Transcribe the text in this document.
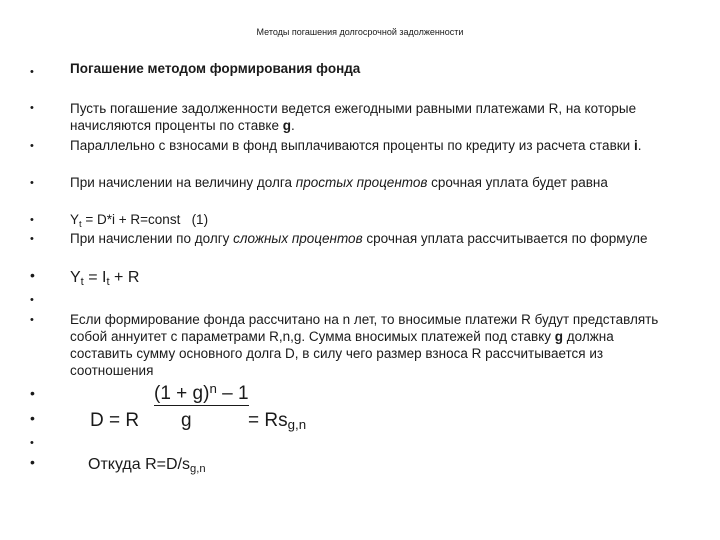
Методы погашения долгосрочной задолженности
•
•
•
•
•
•
•
•
•
•
•
•
•
Погашение методом формирования фонда
Пусть погашение задолженности ведется ежегодными равными платежами R, на которые начисляются проценты по ставке g.
Параллельно с взносами в фонд выплачиваются проценты по кредиту из расчета ставки i.
При начислении на величину долга простых процентов срочная уплата будет равна
$Y_t = D*i$ + R=const   (1)
При начислении по долгу сложных процентов срочная уплата рассчитывается по формуле
$Y_t = I_t + R$
Если формирование фонда рассчитано на n лет, то вносимые платежи R будут представлять собой аннуитет с параметрами R,n,g. Сумма вносимых платежей под ставку g должна составить сумму основного долга D, в силу чего размер взноса R рассчитывается из соотношения
$(1 + g)^n - 1$
D = R g	= $Rs_{g,n}$
Откуда $R=D/s_{g,n}$
